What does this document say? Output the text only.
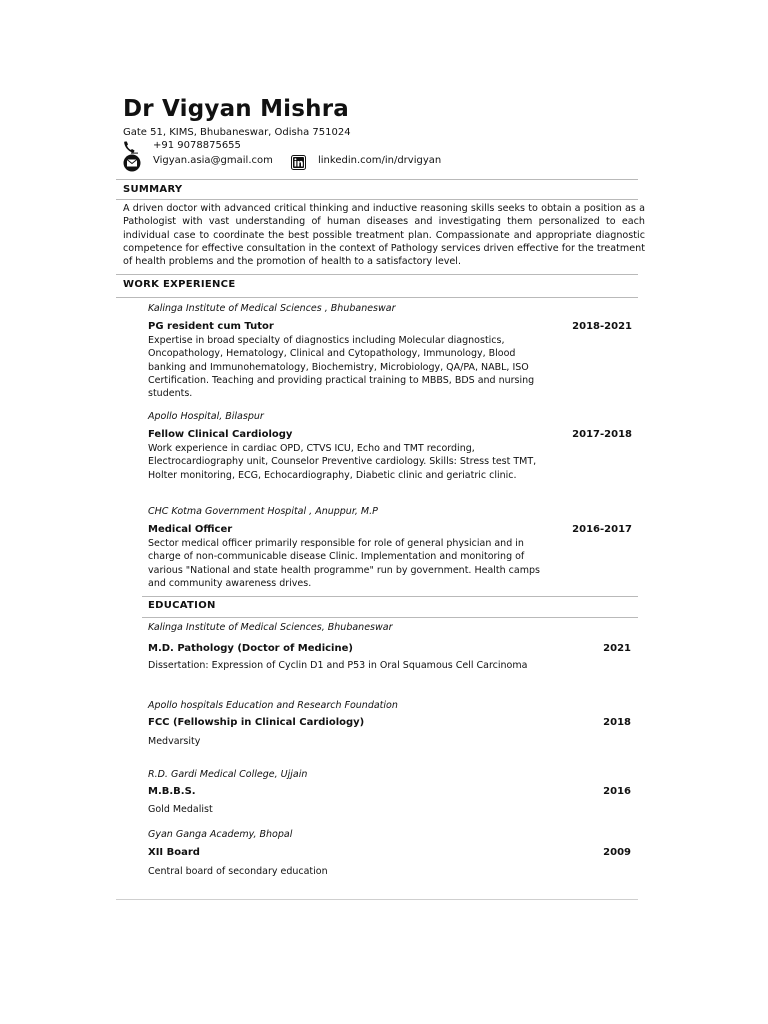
Dr Vigyan Mishra
Gate 51, KIMS, Bhubaneswar, Odisha 751024
+91 9078875655
Vigyan.asia@gmail.com	linkedin.com/in/drvigyan
SUMMARY
A driven doctor with advanced critical thinking and inductive reasoning skills seeks to obtain a position as a Pathologist with vast understanding of human diseases and investigating them personalized to each individual case to coordinate the best possible treatment plan. Compassionate and appropriate diagnostic competence for effective consultation in the context of Pathology services driven effective for the treatment of health problems and the promotion of health to a satisfactory level.
WORK EXPERIENCE
Kalinga Institute of Medical Sciences , Bhubaneswar
PG resident cum Tutor	2018-2021
Expertise in broad specialty of diagnostics including Molecular diagnostics, Oncopathology, Hematology, Clinical and Cytopathology, Immunology, Blood banking and Immunohematology, Biochemistry, Microbiology, QA/PA, NABL, ISO Certification. Teaching and providing practical training to MBBS, BDS and nursing students.
Apollo Hospital, Bilaspur
Fellow Clinical Cardiology	2017-2018
Work experience in cardiac OPD, CTVS ICU, Echo and TMT recording, Electrocardiography unit, Counselor Preventive cardiology. Skills: Stress test TMT, Holter monitoring, ECG, Echocardiography, Diabetic clinic and geriatric clinic.
CHC Kotma Government Hospital , Anuppur, M.P
Medical Officer	2016-2017
Sector medical officer primarily responsible for role of general physician and in charge of non-communicable disease Clinic. Implementation and monitoring of various "National and state health programme" run by government. Health camps and community awareness drives.
EDUCATION
Kalinga Institute of Medical Sciences, Bhubaneswar
M.D. Pathology (Doctor of Medicine)	2021
Dissertation: Expression of Cyclin D1 and P53 in Oral Squamous Cell Carcinoma
Apollo hospitals Education and Research Foundation
FCC (Fellowship in Clinical Cardiology)	2018
Medvarsity
R.D. Gardi Medical College, Ujjain
M.B.B.S.	2016
Gold Medalist
Gyan Ganga Academy, Bhopal
XII Board	2009
Central board of secondary education
